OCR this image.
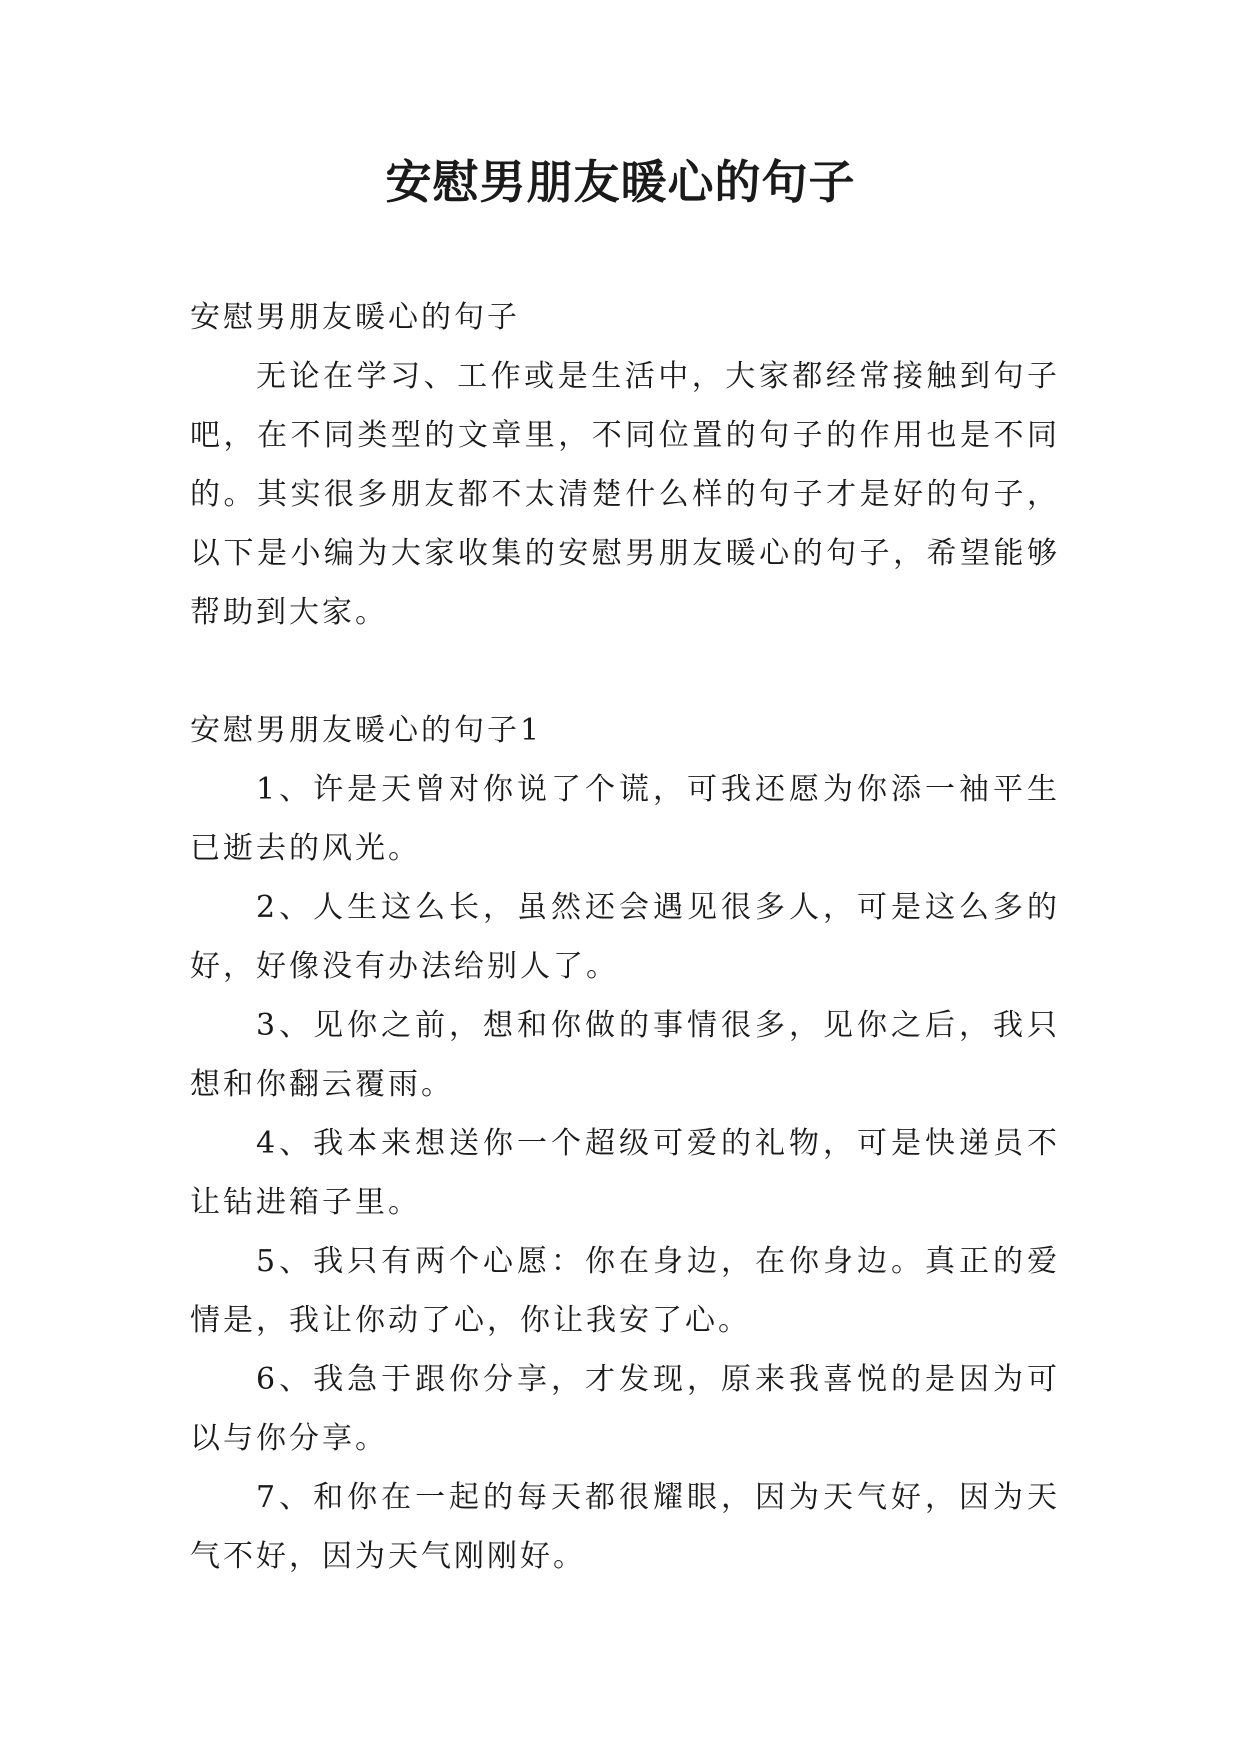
安慰男朋友暖心的句子

安慰男朋友暖心的句子

无论在学习、工作或是生活中，大家都经常接触到句子吧，在不同类型的文章里，不同位置的句子的作用也是不同的。其实很多朋友都不太清楚什么样的句子才是好的句子，以下是小编为大家收集的安慰男朋友暖心的句子，希望能够帮助到大家。

安慰男朋友暖心的句子1

1、许是天曾对你说了个谎，可我还愿为你添一袖平生已逝去的风光。

2、人生这么长，虽然还会遇见很多人，可是这么多的好，好像没有办法给别人了。

3、见你之前，想和你做的事情很多，见你之后，我只想和你翻云覆雨。

4、我本来想送你一个超级可爱的礼物，可是快递员不让钻进箱子里。

5、我只有两个心愿：你在身边，在你身边。真正的爱情是，我让你动了心，你让我安了心。

6、我急于跟你分享，才发现，原来我喜悦的是因为可以与你分享。

7、和你在一起的每天都很耀眼，因为天气好，因为天气不好，因为天气刚刚好。
